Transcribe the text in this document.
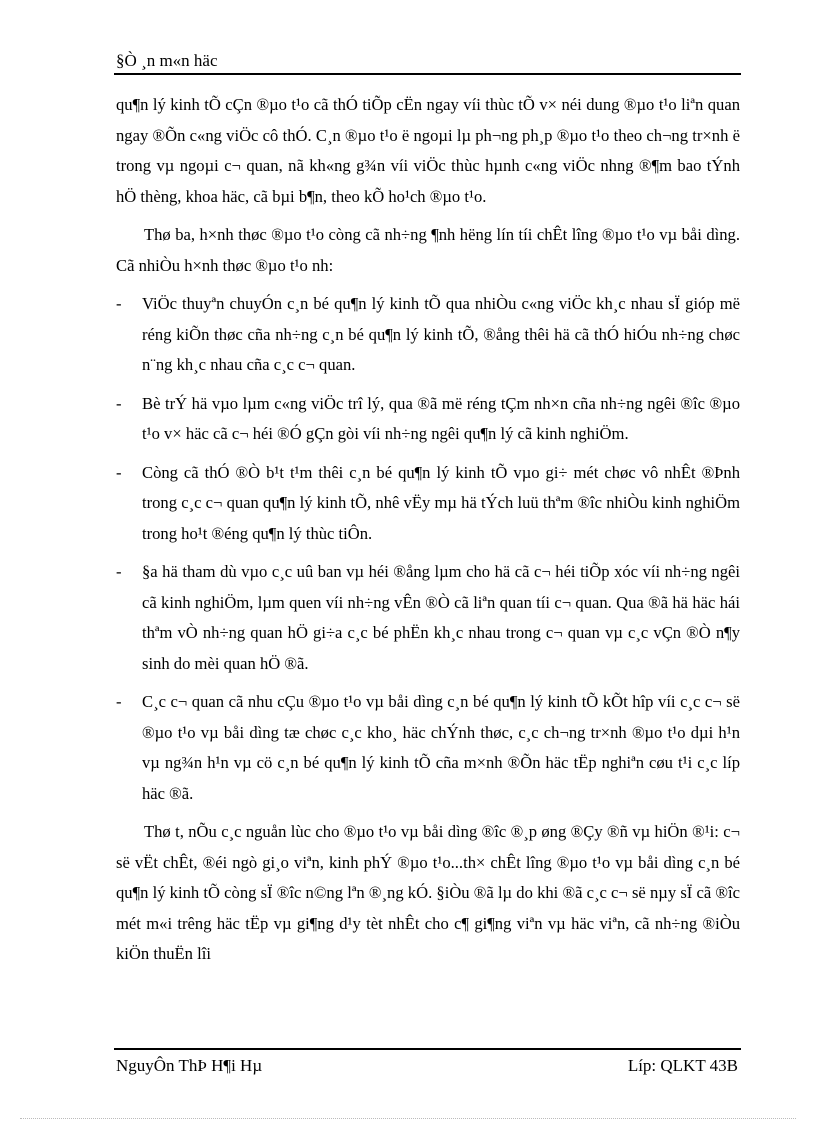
§Ò ¸n m«n häc

qu¶n lý kinh tÕ cÇn ®µo t¹o cã thÓ tiÕp cËn ngay víi thùc tÕ v× néi dung ®µo t¹o liªn quan ngay ®Õn c«ng viÖc cô thÓ. C¸n ®µo t¹o ë ngoµi lµ ph¬ng ph¸p ®µo t¹o theo ch¬ng tr×nh ë trong vµ ngoµi c¬ quan, nã kh«ng g¾n víi viÖc thùc hµnh c«ng viÖc nhng ®¶m bao tÝnh hÖ thèng, khoa häc, cã bµi b¶n, theo kÕ ho¹ch ®µo t¹o.

Thø ba, h×nh thøc ®µo t¹o còng cã nh÷ng ¶nh hëng lín tíi chÊt lîng ®µo t¹o vµ båi dìng. Cã nhiÒu h×nh thøc ®µo t¹o nh:

- ViÖc thuyªn chuyÓn c¸n bé qu¶n lý kinh tÕ qua nhiÒu c«ng viÖc kh¸c nhau sÏ gióp më réng kiÕn thøc cña nh÷ng c¸n bé qu¶n lý kinh tÕ, ®ång thêi hä cã thÓ hiÓu nh÷ng chøc n¨ng kh¸c nhau cña c¸c c¬ quan.
- Bè trÝ hä vµo lµm c«ng viÖc trî lý, qua ®ã më réng tÇm nh×n cña nh÷ng ngêi ®îc ®µo t¹o v× häc cã c¬ héi ®Ó gÇn gòi víi nh÷ng ngêi qu¶n lý cã kinh nghiÖm.
- Còng cã thÓ ®Ò b¹t t¹m thêi c¸n bé qu¶n lý kinh tÕ vµo gi÷ mét chøc vô nhÊt ®Þnh trong c¸c c¬ quan qu¶n lý kinh tÕ, nhê vËy mµ hä tÝch luü thªm ®îc nhiÒu kinh nghiÖm trong ho¹t ®éng qu¶n lý thùc tiÔn.
- §a hä tham dù vµo c¸c uû ban vµ héi ®ång lµm cho hä cã c¬ héi tiÕp xóc víi nh÷ng ngêi cã kinh nghiÖm, lµm quen víi nh÷ng vÊn ®Ò cã liªn quan tíi c¬ quan. Qua ®ã hä häc hái thªm vÒ nh÷ng quan hÖ gi÷a c¸c bé phËn kh¸c nhau trong c¬ quan vµ c¸c vÇn ®Ò n¶y sinh do mèi quan hÖ ®ã.
- C¸c c¬ quan cã nhu cÇu ®µo t¹o vµ båi dìng c¸n bé qu¶n lý kinh tÕ kÕt hîp víi c¸c c¬ së ®µo t¹o vµ båi dìng tæ chøc c¸c kho¸ häc chÝnh thøc, c¸c ch¬ng tr×nh ®µo t¹o dµi h¹n vµ ng¾n h¹n vµ cö c¸n bé qu¶n lý kinh tÕ cña m×nh ®Õn häc tËp nghiªn cøu t¹i c¸c líp häc ®ã.

Thø t, nÕu c¸c nguån lùc cho ®µo t¹o vµ båi dìng ®îc ®¸p øng ®Çy ®ñ vµ hiÖn ®¹i: c¬ së vËt chÊt, ®éi ngò gi¸o viªn, kinh phÝ ®µo t¹o...th× chÊt lîng ®µo t¹o vµ båi dìng c¸n bé qu¶n lý kinh tÕ còng sÏ ®îc n©ng lªn ®¸ng kÓ. §iÒu ®ã lµ do khi ®ã c¸c c¬ së nµy sÏ cã ®îc mét m«i trêng häc tËp vµ gi¶ng d¹y tèt nhÊt cho c¶ gi¶ng viªn vµ häc viªn, cã nh÷ng ®iÒu kiÖn thuËn lîi

NguyÔn ThÞ H¶i Hµ	Líp: QLKT 43B
